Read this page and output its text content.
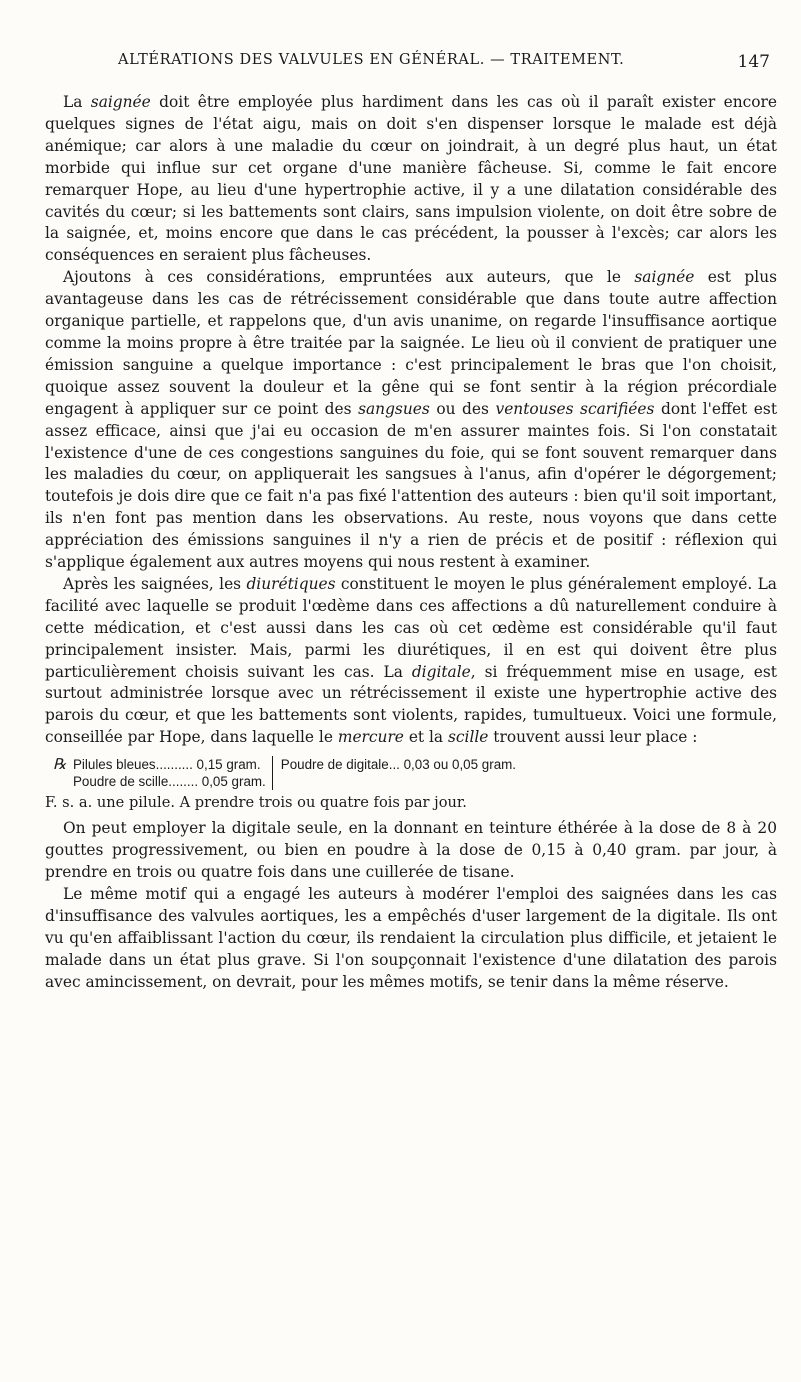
ALTÉRATIONS DES VALVULES EN GÉNÉRAL. — TRAITEMENT.	147

La saignée doit être employée plus hardiment dans les cas où il paraît exister encore quelques signes de l'état aigu, mais on doit s'en dispenser lorsque le malade est déjà anémique; car alors à une maladie du cœur on joindrait, à un degré plus haut, un état morbide qui influe sur cet organe d'une manière fâcheuse. Si, comme le fait encore remarquer Hope, au lieu d'une hypertrophie active, il y a une dilatation considérable des cavités du cœur; si les battements sont clairs, sans impulsion violente, on doit être sobre de la saignée, et, moins encore que dans le cas précédent, la pousser à l'excès; car alors les conséquences en seraient plus fâcheuses.

Ajoutons à ces considérations, empruntées aux auteurs, que le saignée est plus avantageuse dans les cas de rétrécissement considérable que dans toute autre affection organique partielle, et rappelons que, d'un avis unanime, on regarde l'insuffisance aortique comme la moins propre à être traitée par la saignée. Le lieu où il convient de pratiquer une émission sanguine a quelque importance : c'est principalement le bras que l'on choisit, quoique assez souvent la douleur et la gêne qui se font sentir à la région précordiale engagent à appliquer sur ce point des sangsues ou des ventouses scarifiées dont l'effet est assez efficace, ainsi que j'ai eu occasion de m'en assurer maintes fois. Si l'on constatait l'existence d'une de ces congestions sanguines du foie, qui se font souvent remarquer dans les maladies du cœur, on appliquerait les sangsues à l'anus, afin d'opérer le dégorgement; toutefois je dois dire que ce fait n'a pas fixé l'attention des auteurs : bien qu'il soit important, ils n'en font pas mention dans les observations. Au reste, nous voyons que dans cette appréciation des émissions sanguines il n'y a rien de précis et de positif : réflexion qui s'applique également aux autres moyens qui nous restent à examiner.

Après les saignées, les diurétiques constituent le moyen le plus généralement employé. La facilité avec laquelle se produit l'œdème dans ces affections a dû naturellement conduire à cette médication, et c'est aussi dans les cas où cet œdème est considérable qu'il faut principalement insister. Mais, parmi les diurétiques, il en est qui doivent être plus particulièrement choisis suivant les cas. La digitale, si fréquemment mise en usage, est surtout administrée lorsque avec un rétrécissement il existe une hypertrophie active des parois du cœur, et que les battements sont violents, rapides, tumultueux. Voici une formule, conseillée par Hope, dans laquelle le mercure et la scille trouvent aussi leur place :

℞ Pilules bleues.......... 0,15 gram.
Poudre de scille........ 0,05 gram.
Poudre de digitale... 0,03 ou 0,05 gram.
F. s. a. une pilule. A prendre trois ou quatre fois par jour.

On peut employer la digitale seule, en la donnant en teinture éthérée à la dose de 8 à 20 gouttes progressivement, ou bien en poudre à la dose de 0,15 à 0,40 gram. par jour, à prendre en trois ou quatre fois dans une cuillerée de tisane.

Le même motif qui a engagé les auteurs à modérer l'emploi des saignées dans les cas d'insuffisance des valvules aortiques, les a empêchés d'user largement de la digitale. Ils ont vu qu'en affaiblissant l'action du cœur, ils rendaient la circulation plus difficile, et jetaient le malade dans un état plus grave. Si l'on soupçonnait l'existence d'une dilatation des parois avec amincissement, on devrait, pour les mêmes motifs, se tenir dans la même réserve.
